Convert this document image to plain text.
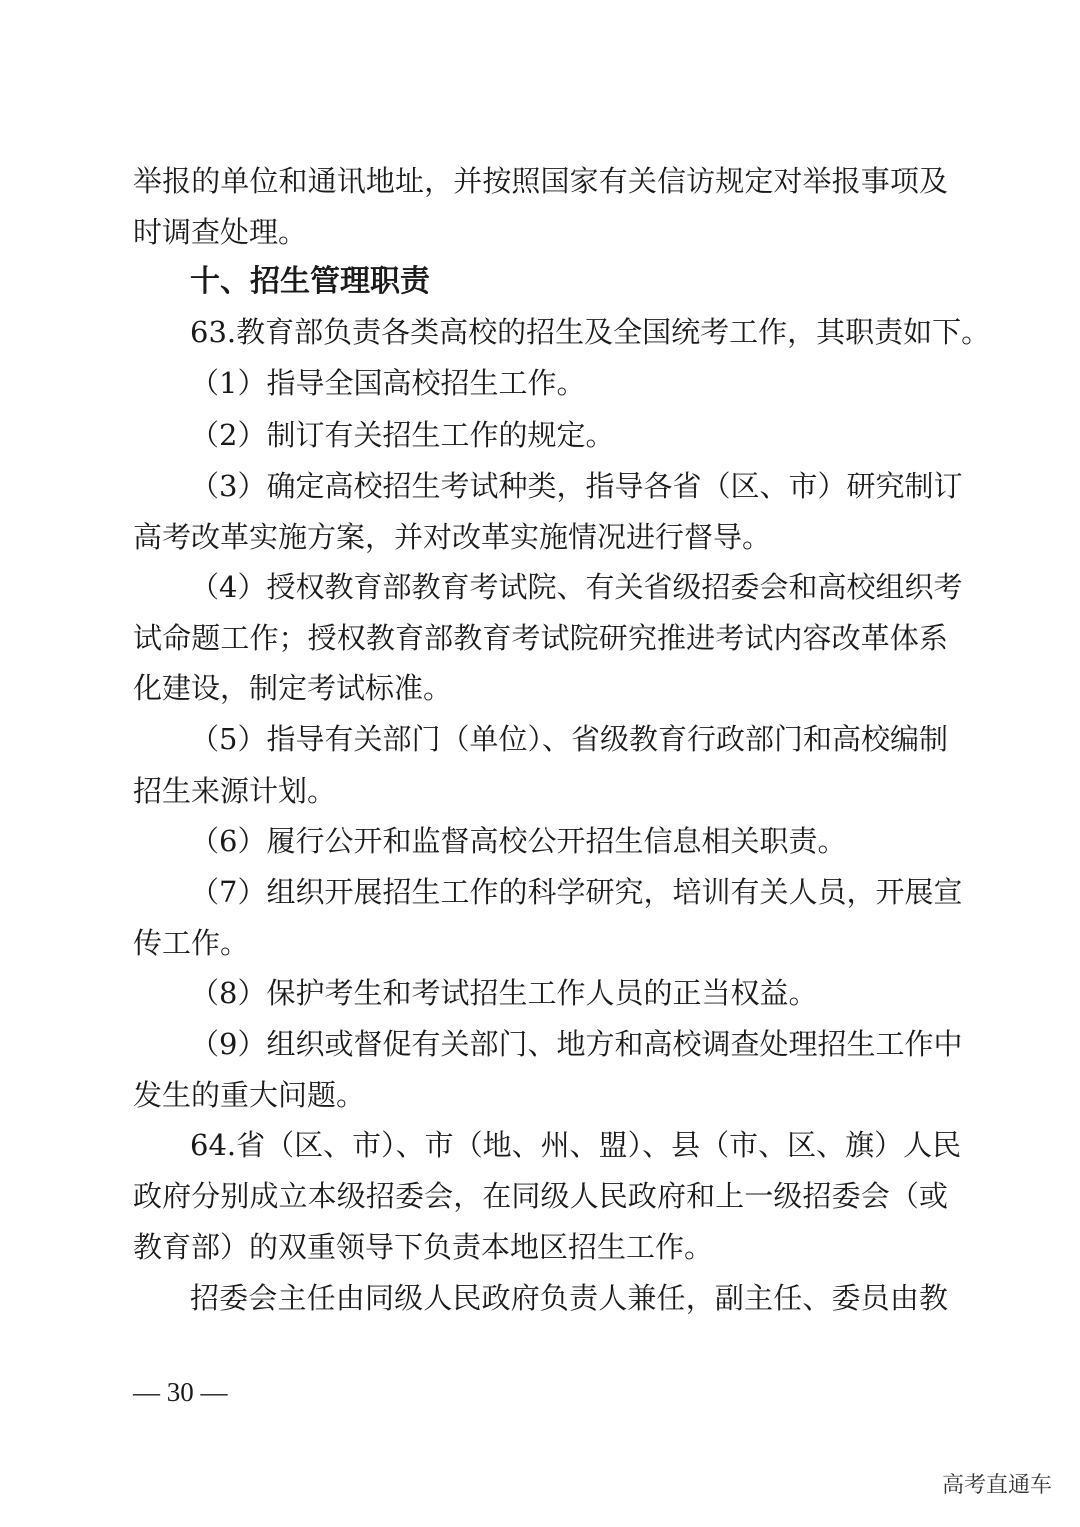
举报的单位和通讯地址，并按照国家有关信访规定对举报事项及
时调查处理。
十、招生管理职责
63.教育部负责各类高校的招生及全国统考工作，其职责如下。
（1）指导全国高校招生工作。
（2）制订有关招生工作的规定。
（3）确定高校招生考试种类，指导各省（区、市）研究制订
高考改革实施方案，并对改革实施情况进行督导。
（4）授权教育部教育考试院、有关省级招委会和高校组织考
试命题工作；授权教育部教育考试院研究推进考试内容改革体系
化建设，制定考试标准。
（5）指导有关部门（单位）、省级教育行政部门和高校编制
招生来源计划。
（6）履行公开和监督高校公开招生信息相关职责。
（7）组织开展招生工作的科学研究，培训有关人员，开展宣
传工作。
（8）保护考生和考试招生工作人员的正当权益。
（9）组织或督促有关部门、地方和高校调查处理招生工作中
发生的重大问题。
64.省（区、市）、市（地、州、盟）、县（市、区、旗）人民
政府分别成立本级招委会，在同级人民政府和上一级招委会（或
教育部）的双重领导下负责本地区招生工作。
招委会主任由同级人民政府负责人兼任，副主任、委员由教
— 30 —
高考直通车
